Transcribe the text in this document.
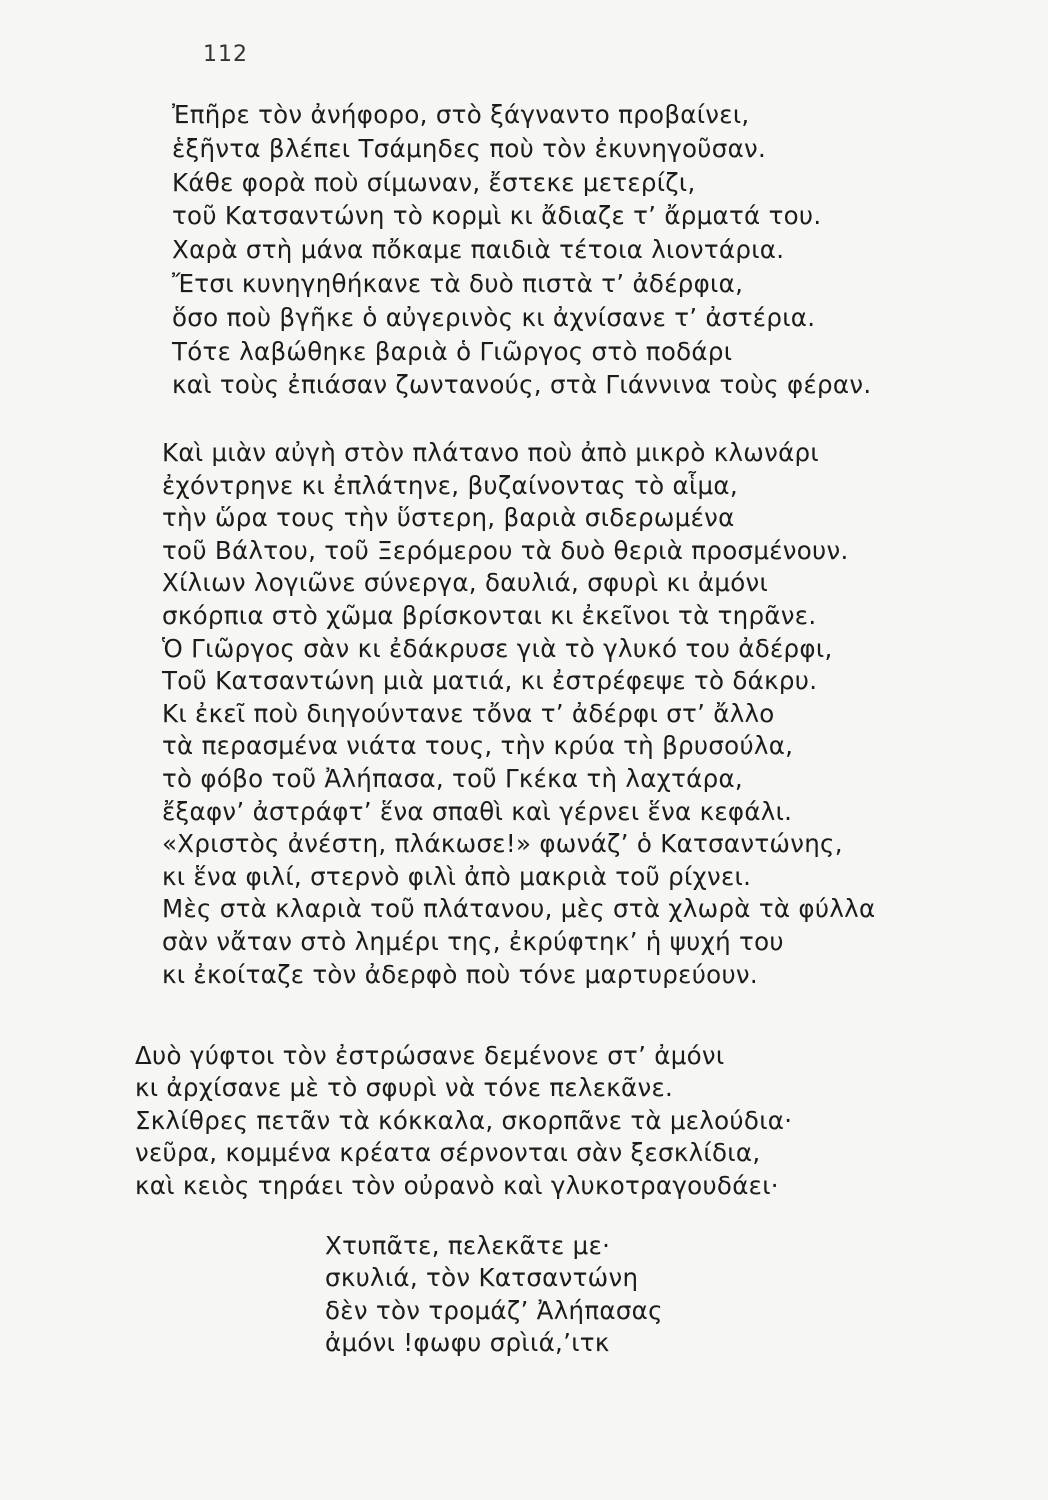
112
Ἐπῆρε τὸν ἀνήφορο, στὸ ξάγναντο προβαίνει,
ἑξῆντα βλέπει Τσάμηδες ποὺ τὸν ἐκυνηγοῦσαν.
Κάθε φορὰ ποὺ σίμωναν, ἔστεκε μετερίζι,
τοῦ Κατσαντώνη τὸ κορμὶ κι ἄδιαζε τ’ ἄρματά του.
Χαρὰ στὴ μάνα πὄκαμε παιδιὰ τέτοια λιοντάρια.
Ἔτσι κυνηγηθήκανε τὰ δυὸ πιστὰ τ’ ἀδέρφια,
ὅσο ποὺ βγῆκε ὁ αὐγερινὸς κι ἀχνίσανε τ’ ἀστέρια.
Τότε λαβώθηκε βαριὰ ὁ Γιῶργος στὸ ποδάρι
καὶ τοὺς ἐπιάσαν ζωντανούς, στὰ Γιάννινα τοὺς φέραν.
Καὶ μιὰν αὐγὴ στὸν πλάτανο ποὺ ἀπὸ μικρὸ κλωνάρι
ἐχόντρηνε κι ἐπλάτηνε, βυζαίνοντας τὸ αἷμα,
τὴν ὥρα τους τὴν ὕστερη, βαριὰ σιδερωμένα
τοῦ Βάλτου, τοῦ Ξερόμερου τὰ δυὸ θεριὰ προσμένουν.
Χίλιων λογιῶνε σύνεργα, δαυλιά, σφυρὶ κι ἀμόνι
σκόρπια στὸ χῶμα βρίσκονται κι ἐκεῖνοι τὰ τηρᾶνε.
Ὁ Γιῶργος σὰν κι ἐδάκρυσε γιὰ τὸ γλυκό του ἀδέρφι,
Τοῦ Κατσαντώνη μιὰ ματιά, κι ἐστρέφεψε τὸ δάκρυ.
Κι ἐκεῖ ποὺ διηγούντανε τὄνα τ’ ἀδέρφι στ’ ἄλλο
τὰ περασμένα νιάτα τους, τὴν κρύα τὴ βρυσούλα,
τὸ φόβο τοῦ Ἀλήπασα, τοῦ Γκέκα τὴ λαχτάρα,
ἔξαφν’ ἀστράφτ’ ἕνα σπαθὶ καὶ γέρνει ἕνα κεφάλι.
«Χριστὸς ἀνέστη, πλάκωσε!» φωνάζ’ ὁ Κατσαντώνης,
κι ἕνα φιλί, στερνὸ φιλὶ ἀπὸ μακριὰ τοῦ ρίχνει.
Μὲς στὰ κλαριὰ τοῦ πλάτανου, μὲς στὰ χλωρὰ τὰ φύλλα
σὰν νἄταν στὸ λημέρι της, ἐκρύφτηκ’ ἡ ψυχή του
κι ἐκοίταζε τὸν ἀδερφὸ ποὺ τόνε μαρτυρεύουν.
Δυὸ γύφτοι τὸν ἐστρώσανε δεμένονε στ’ ἀμόνι
κι ἀρχίσανε μὲ τὸ σφυρὶ νὰ τόνε πελεκᾶνε.
Σκλίθρες πετᾶν τὰ κόκκαλα, σκορπᾶνε τὰ μελούδια·
νεῦρα, κομμένα κρέατα σέρνονται σὰν ξεσκλίδια,
καὶ κειὸς τηράει τὸν οὐρανὸ καὶ γλυκοτραγουδάει·
Χτυπᾶτε, πελεκᾶτε με·
σκυλιά, τὸν Κατσαντώνη
δὲν τὸν τρομάζ’ Ἀλήπασας
ἀμόνι !φωφυ σρὶιά,’ιτκ
